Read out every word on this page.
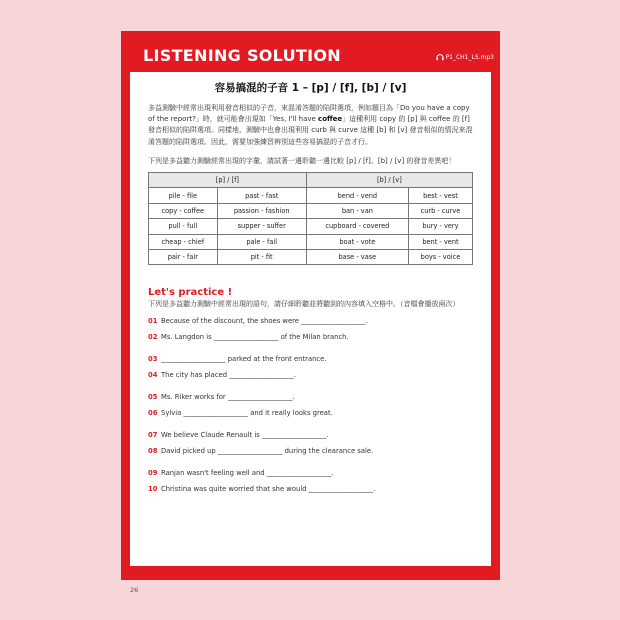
LISTENING SOLUTION	P1_CH1_LS.mp3
容易搞混的子音 1 – [p] / [f], [b] / [v]

多益測驗中經常出現利用發音相似的子音，來混淆答題的陷阱選項，例如題目為「Do you have a copy of the report?」時，就可能會出現如「Yes, I'll have coffee」這種利用 copy 的 [p] 與 coffee 的 [f] 發音相似的陷阱選項。同樣地，測驗中也會出現利用 curb 與 curve 這種 [b] 和 [v] 發音相似的情況來混淆答題的陷阱選項。因此，需要加強練習辨別這些容易搞混的子音才行。

下列是多益聽力測驗經常出現的字彙，請試著一邊聆聽一邊比較 [p] / [f]、[b] / [v] 的發音差異吧！

[p] / [f]		[b] / [v]	
pile - file	past - fast	bend - vend	best - vest
copy - coffee	passion - fashion	ban - van	curb - curve
pull - full	supper - suffer	cupboard - covered	bury - very
cheap - chief	pale - fail	boat - vote	bent - vent
pair - fair	pit - fit	base - vase	boys - voice
Let's practice !
下列是多益聽力測驗中經常出現的語句，請仔細聆聽並將聽到的內容填入空格中。（音檔會播放兩次）
01 Because of the discount, the shoes were ___________________.
02 Ms. Langdon is ___________________ of the Milan branch.
03 ___________________ parked at the front entrance.
04 The city has placed ___________________.
05 Ms. Riker works for ___________________.
06 Sylvia ___________________ and it really looks great.
07 We believe Claude Renault is ___________________.
08 David picked up ___________________ during the clearance sale.
09 Ranjan wasn't feeling well and ___________________.
10 Christina was quite worried that she would ___________________.
26
